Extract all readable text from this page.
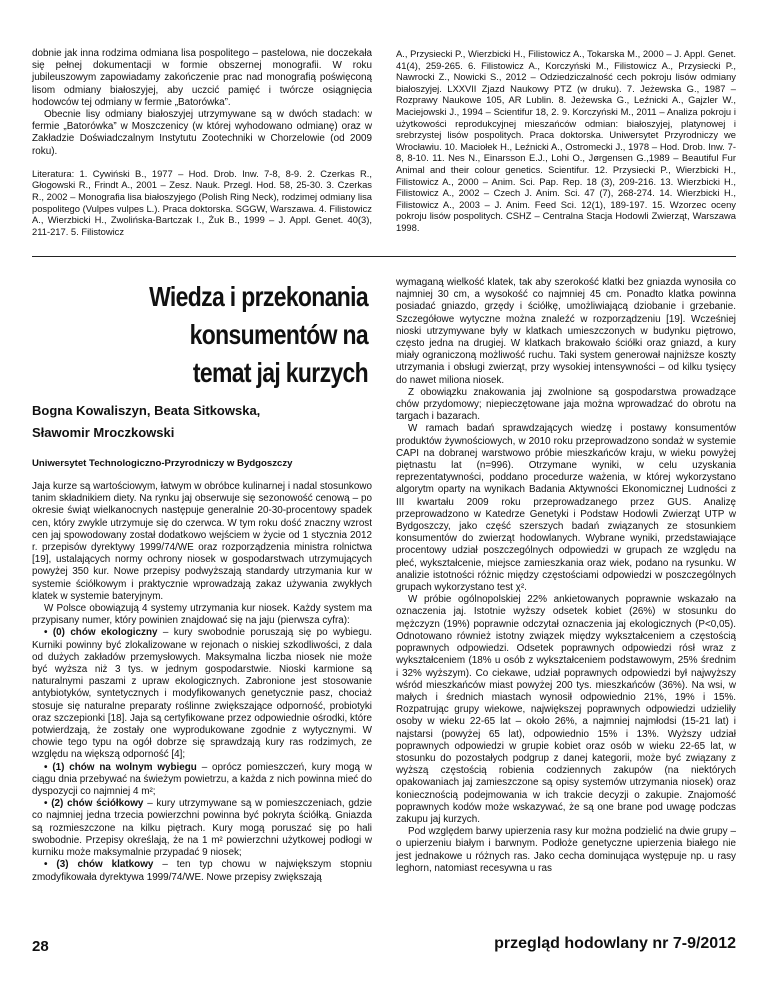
dobnie jak inna rodzima odmiana lisa pospolitego – pastelowa, nie doczekała się pełnej dokumentacji w formie obszernej monografii. W roku jubileuszowym zapowiadamy zakończenie prac nad monografią poświęconą lisom odmiany białoszyjej, aby uczcić pamięć i twórcze osiągnięcia hodowców tej odmiany w fermie „Batorówka”.

Obecnie lisy odmiany białoszyjej utrzymywane są w dwóch stadach: w fermie „Batorówka” w Moszczenicy (w której wyhodowano odmianę) oraz w Zakładzie Doświadczalnym Instytutu Zootechniki w Chorzelowie (od 2009 roku).

Literatura: 1. Cywiński B., 1977 – Hod. Drob. Inw. 7-8, 8-9. 2. Czerkas R., Głogowski R., Frindt A., 2001 – Zesz. Nauk. Przegl. Hod. 58, 25-30. 3. Czerkas R., 2002 – Monografia lisa białoszyjego (Polish Ring Neck), rodzimej odmiany lisa pospolitego (Vulpes vulpes L.). Praca doktorska. SGGW, Warszawa. 4. Filistowicz A., Wierzbicki H., Zwolińska-Bartczak I., Żuk B., 1999 – J. Appl. Genet. 40(3), 211-217. 5. Filistowicz

A., Przysiecki P., Wierzbicki H., Filistowicz A., Tokarska M., 2000 – J. Appl. Genet. 41(4), 259-265. 6. Filistowicz A., Korczyński M., Filistowicz A., Przysiecki P., Nawrocki Z., Nowicki S., 2012 – Odziedziczalność cech pokroju lisów odmiany białoszyjej. LXXVII Zjazd Naukowy PTZ (w druku). 7. Jeżewska G., 1987 – Rozprawy Naukowe 105, AR Lublin. 8. Jeżewska G., Leźnicki A., Gajzler W., Maciejowski J., 1994 – Scientifur 18, 2. 9. Korczyński M., 2011 – Analiza pokroju i użytkowości reprodukcyjnej mieszańców odmian: białoszyjej, platynowej i srebrzystej lisów pospolitych. Praca doktorska. Uniwersytet Przyrodniczy we Wrocławiu. 10. Maciołek H., Leźnicki A., Ostromecki J., 1978 – Hod. Drob. Inw. 7-8, 8-10. 11. Nes N., Einarsson E.J., Lohi O., Jørgensen G.,1989 – Beautiful Fur Animal and their colour genetics. Scientifur. 12. Przysiecki P., Wierzbicki H., Filistowicz A., 2000 – Anim. Sci. Pap. Rep. 18 (3), 209-216. 13. Wierzbicki H., Filistowicz A., 2002 – Czech J. Anim. Sci. 47 (7), 268-274. 14. Wierzbicki H., Filistowicz A., 2003 – J. Anim. Feed Sci. 12(1), 189-197. 15. Wzorzec oceny pokroju lisów pospolitych. CSHZ – Centralna Stacja Hodowli Zwierząt, Warszawa 1998.

Wiedza i przekonania
konsumentów na
temat jaj kurzych
Bogna Kowaliszyn, Beata Sitkowska,
Sławomir Mroczkowski
Uniwersytet Technologiczno-Przyrodniczy w Bydgoszczy

Jaja kurze są wartościowym, łatwym w obróbce kulinarnej i nadal stosunkowo tanim składnikiem diety. Na rynku jaj obserwuje się sezonowość cenową – po okresie świąt wielkanocnych następuje generalnie 20-30-procentowy spadek cen, który zwykle utrzymuje się do czerwca. W tym roku dość znaczny wzrost cen jaj spowodowany został dodatkowo wejściem w życie od 1 stycznia 2012 r. przepisów dyrektywy 1999/74/WE oraz rozporządzenia ministra rolnictwa [19], ustalających normy ochrony niosek w gospodarstwach utrzymujących powyżej 350 kur. Nowe przepisy podwyższają standardy utrzymania kur w systemie ściółkowym i praktycznie wprowadzają zakaz używania zwykłych klatek w systemie bateryjnym.

W Polsce obowiązują 4 systemy utrzymania kur niosek. Każdy system ma przypisany numer, który powinien znajdować się na jaju (pierwsza cyfra):

• (0) chów ekologiczny – kury swobodnie poruszają się po wybiegu. Kurniki powinny być zlokalizowane w rejonach o niskiej szkodliwości, z dala od dużych zakładów przemysłowych. Maksymalna liczba niosek nie może być wyższa niż 3 tys. w jednym gospodarstwie. Nioski karmione są naturalnymi paszami z upraw ekologicznych. Zabronione jest stosowanie antybiotyków, syntetycznych i modyfikowanych genetycznie pasz, chociaż stosuje się naturalne preparaty roślinne zwiększające odporność, probiotyki oraz szczepionki [18]. Jaja są certyfikowane przez odpowiednie ośrodki, które potwierdzają, że zostały one wyprodukowane zgodnie z wytycznymi. W chowie tego typu na ogół dobrze się sprawdzają kury ras rodzimych, ze względu na większą odporność [4];

• (1) chów na wolnym wybiegu – oprócz pomieszczeń, kury mogą w ciągu dnia przebywać na świeżym powietrzu, a każda z nich powinna mieć do dyspozycji co najmniej 4 m²;

• (2) chów ściółkowy – kury utrzymywane są w pomieszczeniach, gdzie co najmniej jedna trzecia powierzchni powinna być pokryta ściółką. Gniazda są rozmieszczone na kilku piętrach. Kury mogą poruszać się po hali swobodnie. Przepisy określają, że na 1 m² powierzchni użytkowej podłogi w kurniku może maksymalnie przypadać 9 niosek;

• (3) chów klatkowy – ten typ chowu w największym stopniu zmodyfikowała dyrektywa 1999/74/WE. Nowe przepisy zwiększają

wymaganą wielkość klatek, tak aby szerokość klatki bez gniazda wynosiła co najmniej 30 cm, a wysokość co najmniej 45 cm. Ponadto klatka powinna posiadać gniazdo, grzędy i ściółkę, umożliwiającą dziobanie i grzebanie. Szczegółowe wytyczne można znaleźć w rozporządzeniu [19]. Wcześniej nioski utrzymywane były w klatkach umieszczonych w budynku piętrowo, często jedna na drugiej. W klatkach brakowało ściółki oraz gniazd, a kury miały ograniczoną możliwość ruchu. Taki system generował najniższe koszty utrzymania i obsługi zwierząt, przy wysokiej intensywności – od kilku tysięcy do nawet miliona niosek.

Z obowiązku znakowania jaj zwolnione są gospodarstwa prowadzące chów przydomowy; niepieczętowane jaja można wprowadzać do obrotu na targach i bazarach.

W ramach badań sprawdzających wiedzę i postawy konsumentów produktów żywnościowych, w 2010 roku przeprowadzono sondaż w systemie CAPI na dobranej warstwowo próbie mieszkańców kraju, w wieku powyżej piętnastu lat (n=996). Otrzymane wyniki, w celu uzyskania reprezentatywności, poddano procedurze ważenia, w której wykorzystano algorytm oparty na wynikach Badania Aktywności Ekonomicznej Ludności z III kwartału 2009 roku przeprowadzanego przez GUS. Analizę przeprowadzono w Katedrze Genetyki i Podstaw Hodowli Zwierząt UTP w Bydgoszczy, jako część szerszych badań związanych ze stosunkiem konsumentów do zwierząt hodowlanych. Wybrane wyniki, przedstawiające procentowy udział poszczególnych odpowiedzi w grupach ze względu na płeć, wykształcenie, miejsce zamieszkania oraz wiek, podano na rysunku. W analizie istotności różnic między częstościami odpowiedzi w poszczególnych grupach wykorzystano test χ².

W próbie ogólnopolskiej 22% ankietowanych poprawnie wskazało na oznaczenia jaj. Istotnie wyższy odsetek kobiet (26%) w stosunku do mężczyzn (19%) poprawnie odczytał oznaczenia jaj ekologicznych (P<0,05). Odnotowano również istotny związek między wykształceniem a częstością poprawnych odpowiedzi. Odsetek poprawnych odpowiedzi rósł wraz z wykształceniem (18% u osób z wykształceniem podstawowym, 25% średnim i 32% wyższym). Co ciekawe, udział poprawnych odpowiedzi był najwyższy wśród mieszkańców miast powyżej 200 tys. mieszkańców (36%). Na wsi, w małych i średnich miastach wynosił odpowiednio 21%, 19% i 15%. Rozpatrując grupy wiekowe, największej poprawnych odpowiedzi udzieliły osoby w wieku 22-65 lat – około 26%, a najmniej najmłodsi (15-21 lat) i najstarsi (powyżej 65 lat), odpowiednio 15% i 13%. Wyższy udział poprawnych odpowiedzi w grupie kobiet oraz osób w wieku 22-65 lat, w stosunku do pozostałych podgrup z danej kategorii, może być związany z wyższą częstością robienia codziennych zakupów (na niektórych opakowaniach jaj zamieszczone są opisy systemów utrzymania niosek) oraz koniecznością podejmowania w ich trakcie decyzji o zakupie. Znajomość poprawnych kodów może wskazywać, że są one brane pod uwagę podczas zakupu jaj kurzych.

Pod względem barwy upierzenia rasy kur można podzielić na dwie grupy – o upierzeniu białym i barwnym. Podłoże genetyczne upierzenia białego nie jest jednakowe u różnych ras. Jako cecha dominująca występuje np. u rasy leghorn, natomiast recesywna u ras

28	przegląd hodowlany nr 7-9/2012
